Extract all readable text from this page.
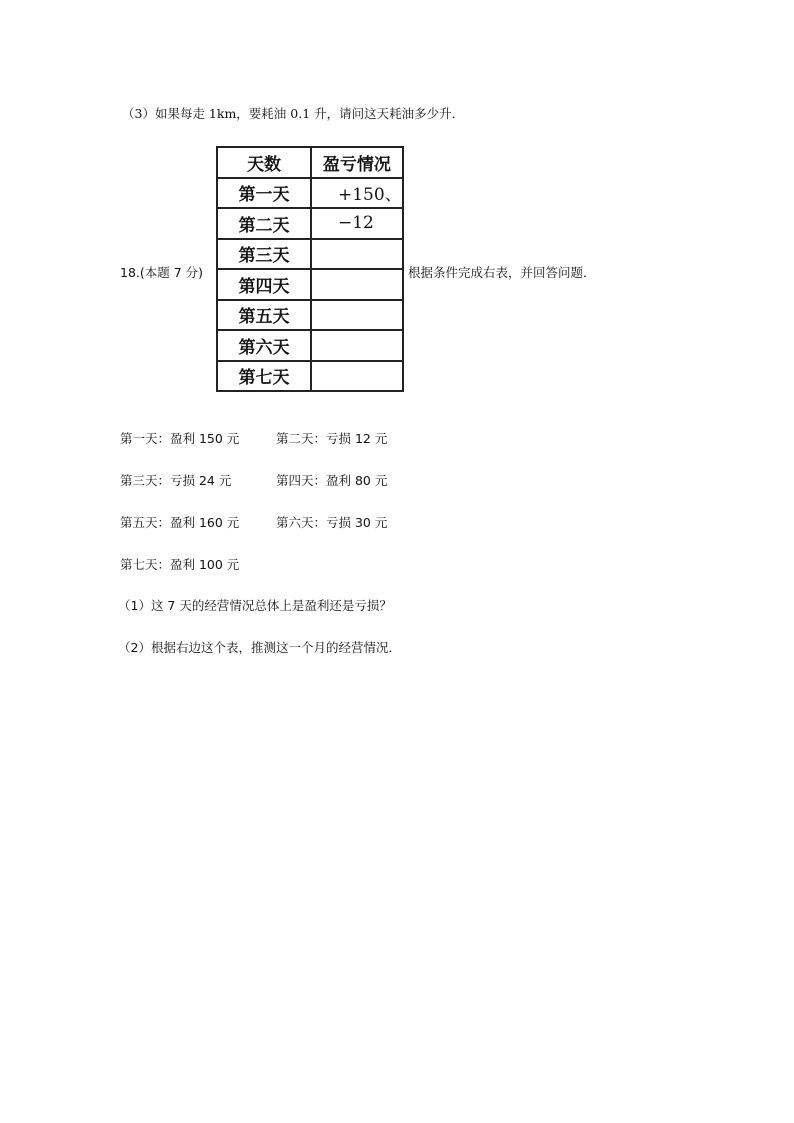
（3）如果每走 1km，要耗油 0.1 升，请问这天耗油多少升．
18.(本题 7 分)
天数	盈亏情况
第一天	+150、
第二天	−12
第三天	
第四天	
第五天	
第六天	
第七天	
根据条件完成右表，并回答问题．
第一天：盈利 150 元	第二天：亏损 12 元
第三天：亏损 24 元	第四天：盈利 80 元
第五天：盈利 160 元	第六天：亏损 30 元
第七天：盈利 100 元
（1）这 7 天的经营情况总体上是盈利还是亏损？
（2）根据右边这个表，推测这一个月的经营情况．
